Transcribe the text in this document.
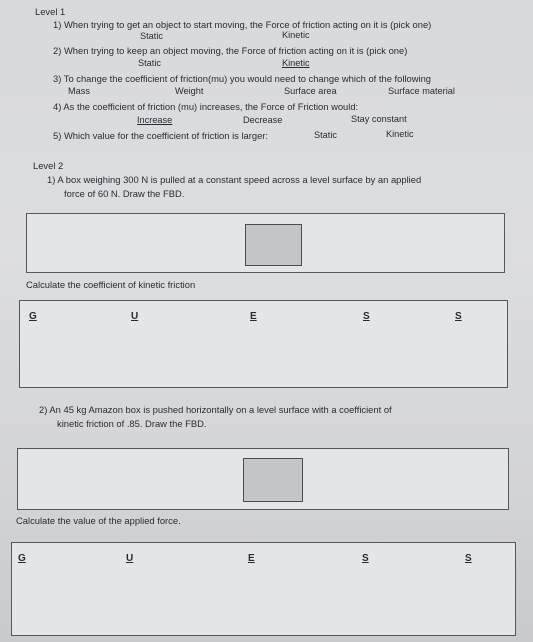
Level 1
1) When trying to get an object to start moving, the Force of friction acting on it is (pick one)
Static	Kinetic
2) When trying to keep an object moving, the Force of friction acting on it is (pick one)
Static	Kinetic
3) To change the coefficient of friction(mu) you would need to change which of the following
Mass	Weight	Surface area	Surface material
4) As the coefficient of friction (mu) increases, the Force of Friction would:
Increase	Decrease	Stay constant
5) Which value for the coefficient of friction is larger:	Static	Kinetic
Level 2
1) A box weighing 300 N is pulled at a constant speed across a level surface by an applied
force of 60 N. Draw the FBD.
Calculate the coefficient of kinetic friction
G	U	E	S	S
2) An 45 kg Amazon box is pushed horizontally on a level surface with a coefficient of
kinetic friction of .85. Draw the FBD.
Calculate the value of the applied force.
G	U	E	S	S
